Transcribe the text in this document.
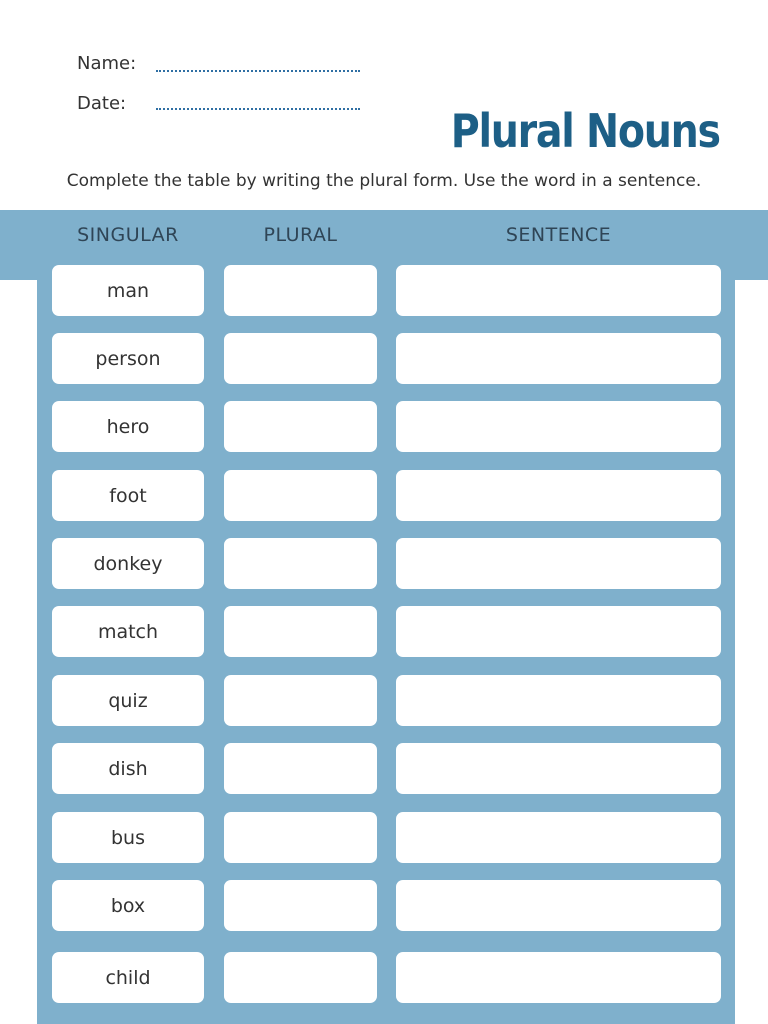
Name:
Date:
Plural Nouns
Complete the table by writing the plural form. Use the word in a sentence.
SINGULAR	PLURAL	SENTENCE
man
person
hero
foot
donkey
match
quiz
dish
bus
box
child
